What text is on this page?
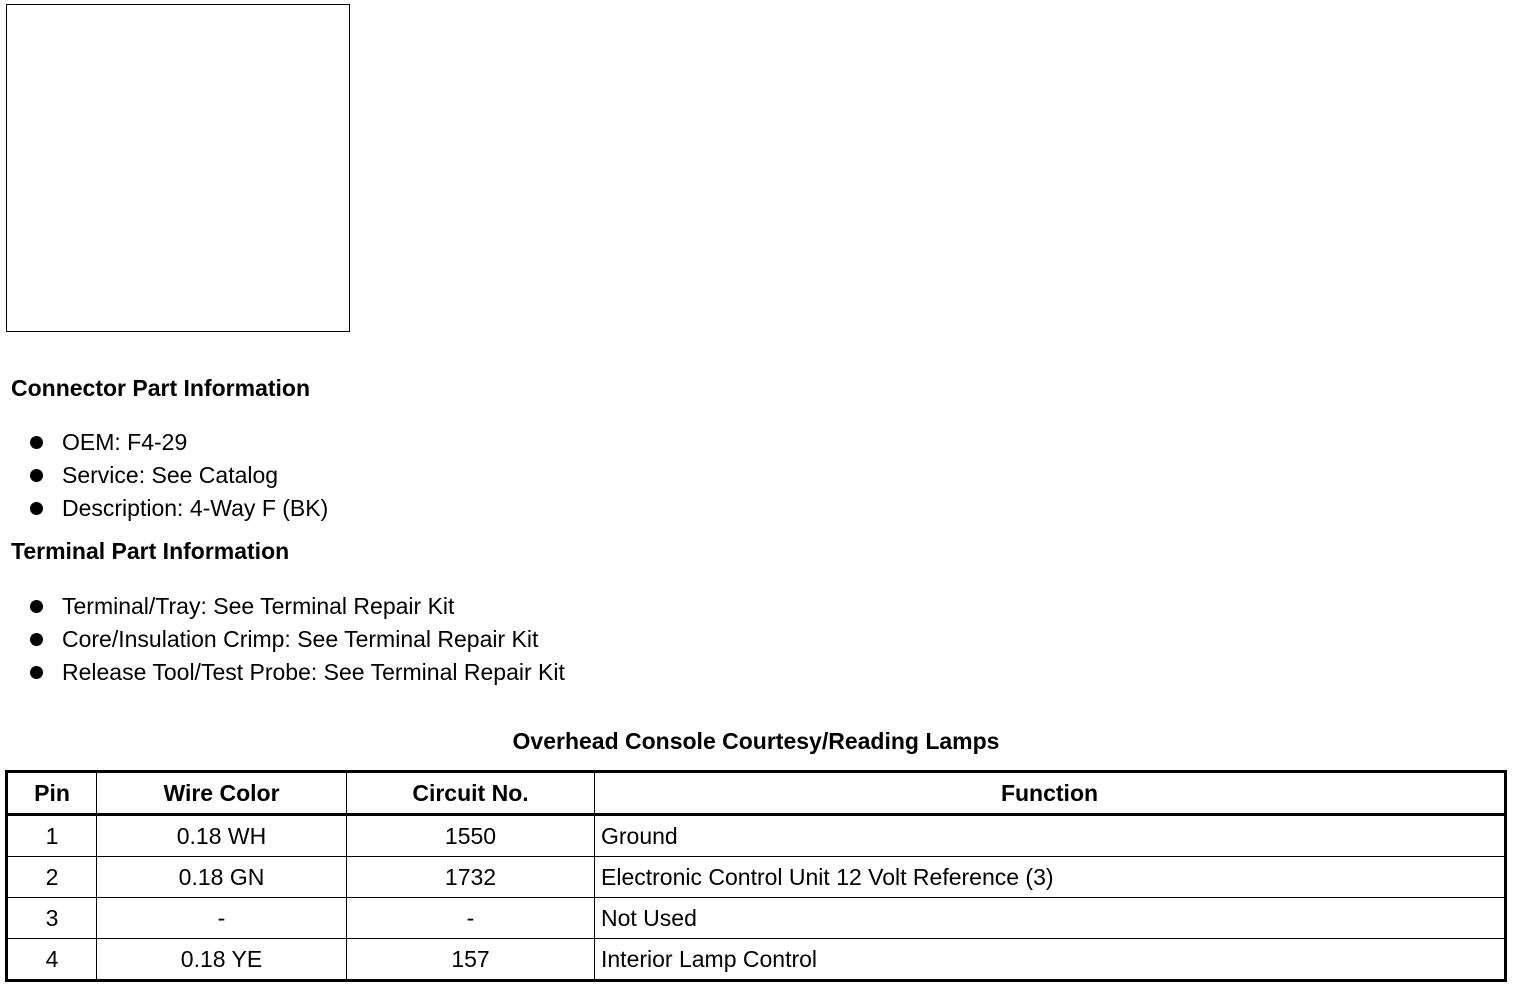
Connector Part Information
OEM: F4-29
Service: See Catalog
Description: 4-Way F (BK)
Terminal Part Information
Terminal/Tray: See Terminal Repair Kit
Core/Insulation Crimp: See Terminal Repair Kit
Release Tool/Test Probe: See Terminal Repair Kit
Overhead Console Courtesy/Reading Lamps
Pin	Wire Color	Circuit No.	Function
1	0.18 WH	1550	Ground
2	0.18 GN	1732	Electronic Control Unit 12 Volt Reference (3)
3	-	-	Not Used
4	0.18 YE	157	Interior Lamp Control
